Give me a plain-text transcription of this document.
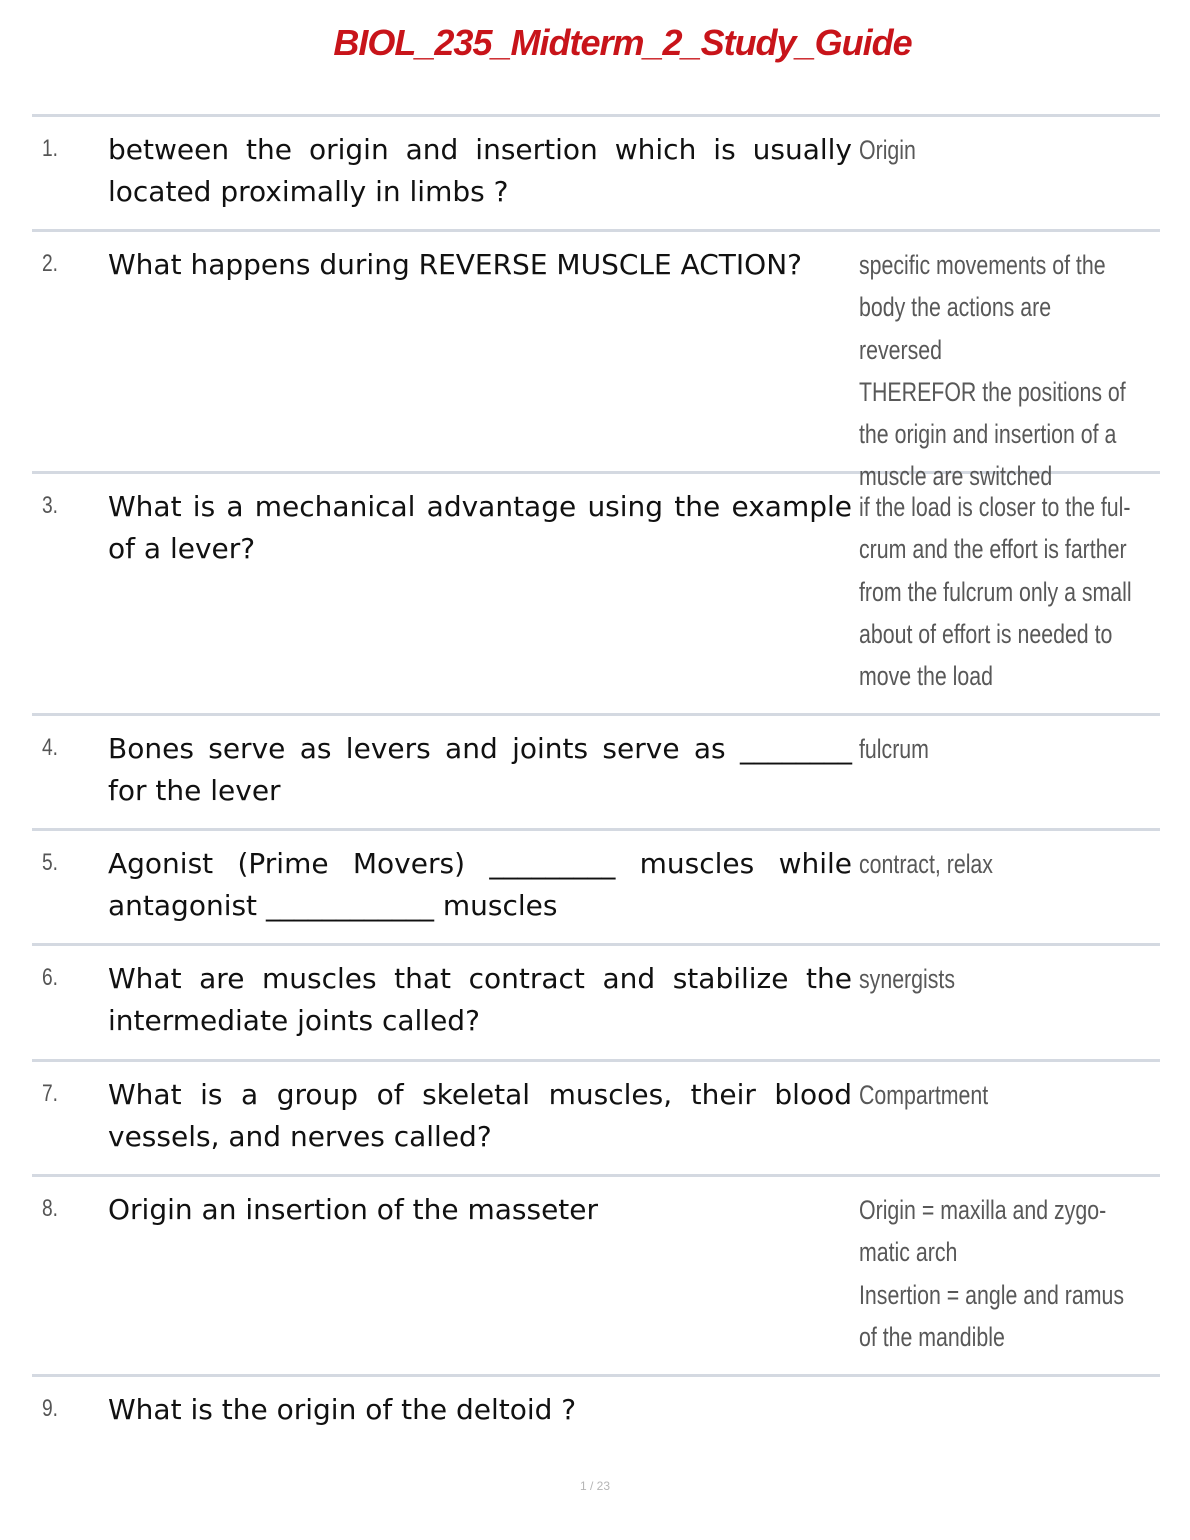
BIOL_235_Midterm_2_Study_Guide
1. between the origin and insertion which is usually located proximally in limbs ?
Origin
2. What happens during REVERSE MUSCLE ACTION?	specific movements of the
body the actions are reversed
THEREFOR the positions of
the origin and insertion of a
muscle are switched
3. What is a mechanical advantage using the example of a lever?
if the load is closer to the ful-
crum and the effort is farther
from the fulcrum only a small
about of effort is needed to
move the load
4. Bones serve as levers and joints serve as ________ for the lever
fulcrum
5. Agonist (Prime Movers) _________ muscles while antagonist ____________ muscles
contract, relax
6. What are muscles that contract and stabilize the intermediate joints called?
synergists
7. What is a group of skeletal muscles, their blood vessels, and nerves called?
Compartment
8. Origin an insertion of the masseter	Origin = maxilla and zygo-
matic arch
Insertion = angle and ramus
of the mandible
9. What is the origin of the deltoid ?
1 / 23
